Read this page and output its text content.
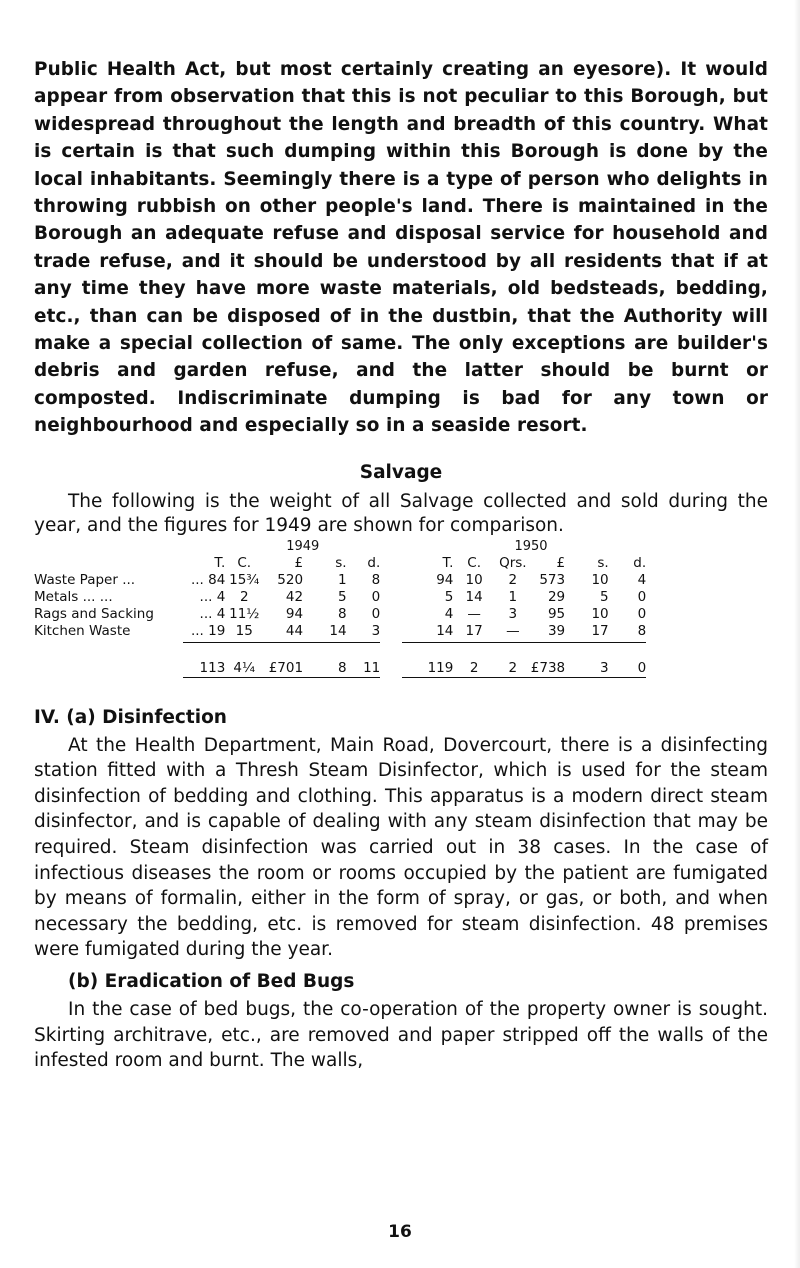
Public Health Act, but most certainly creating an eyesore). It would appear from observation that this is not peculiar to this Borough, but widespread throughout the length and breadth of this country. What is certain is that such dumping within this Borough is done by the local inhabitants. Seemingly there is a type of person who delights in throwing rubbish on other people's land. There is maintained in the Borough an adequate refuse and disposal service for household and trade refuse, and it should be understood by all residents that if at any time they have more waste materials, old bedsteads, bedding, etc., than can be disposed of in the dustbin, that the Authority will make a special collection of same. The only exceptions are builder's debris and garden refuse, and the latter should be burnt or composted. Indiscriminate dumping is bad for any town or neighbourhood and especially so in a seaside resort.

Salvage

The following is the weight of all Salvage collected and sold during the year, and the figures for 1949 are shown for comparison.

		1949						1950						
	T.	C.	£	s.	d.		T.	C.	Qrs.	£	s.	d.		
Waste Paper ...	... 84	15¾	520	1	8		94	10	2	573	10	4		
Metals ... ...	... 4	2	42	5	0		5	14	1	29	5	0		
Rags and Sacking	... 4	11½	94	8	0		4	—	3	95	10	0		
Kitchen Waste	... 19	15	44	14	3		14	17	—	39	17	8		

	113	4¼	£701	8	11		119	2	2	£738	3	0		

IV. (a) Disinfection

At the Health Department, Main Road, Dovercourt, there is a disinfecting station fitted with a Thresh Steam Disinfector, which is used for the steam disinfection of bedding and clothing. This apparatus is a modern direct steam disinfector, and is capable of dealing with any steam disinfection that may be required. Steam disinfection was carried out in 38 cases. In the case of infectious diseases the room or rooms occupied by the patient are fumigated by means of formalin, either in the form of spray, or gas, or both, and when necessary the bedding, etc. is removed for steam disinfection. 48 premises were fumigated during the year.

(b) Eradication of Bed Bugs

In the case of bed bugs, the co-operation of the property owner is sought. Skirting architrave, etc., are removed and paper stripped off the walls of the infested room and burnt. The walls,

16
